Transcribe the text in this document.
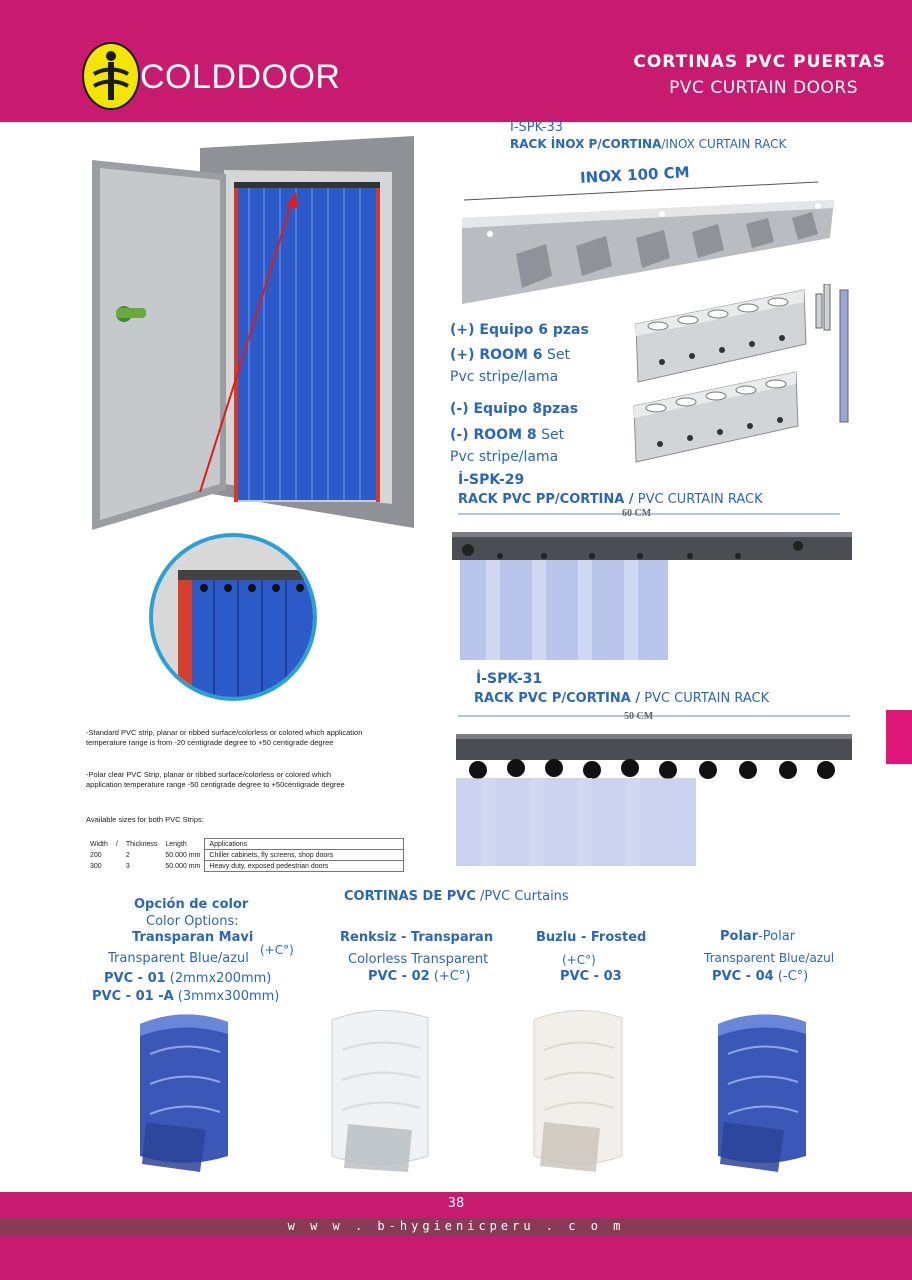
COLDDOOR	CORTINAS PVC PUERTAS
PVC CURTAIN DOORS
İ-SPK-33
RACK İNOX P/CORTINA/INOX CURTAIN RACK
INOX 100 CM
(+) Equipo 6 pzas
(+) ROOM 6 Set
Pvc stripe/lama
(-) Equipo 8pzas
(-) ROOM 8 Set
Pvc stripe/lama
İ-SPK-29
RACK PVC PP/CORTINA / PVC CURTAIN RACK
60 CM
İ-SPK-31
RACK PVC P/CORTINA / PVC CURTAIN RACK
50 CM
-Standard PVC strip, planar or ribbed surface/colorless or colored which application temperature range is from -20 centigrade degree to +50 centigrade degree
-Polar clear PVC Strip, planar or ribbed surface/colorless or colored which application temperature range -50 centigrade degree to +50centigrade degree
Available sizes for both PVC Strips:
Width	/	Thickness	Length	Applications
200		2	50.000 mm	Chiller cabinets, fly screens, shop doors
300		3	50.000 mm	Heavy duty, exposed pedestrian doors
CORTINAS DE PVC /PVC Curtains
Opción de color
Color Options:
Transparan Mavi
Transparent Blue/azul
(+C°)
PVC - 01 (2mmx200mm)
PVC - 01 -A (3mmx300mm)
Renksiz - Transparan
Colorless Transparent
PVC - 02 (+C°)
Buzlu - Frosted
(+C°)
PVC - 03
Polar-Polar
Transparent Blue/azul
PVC - 04 (-C°)
38
w w w . b-hygienicperu . c o m
